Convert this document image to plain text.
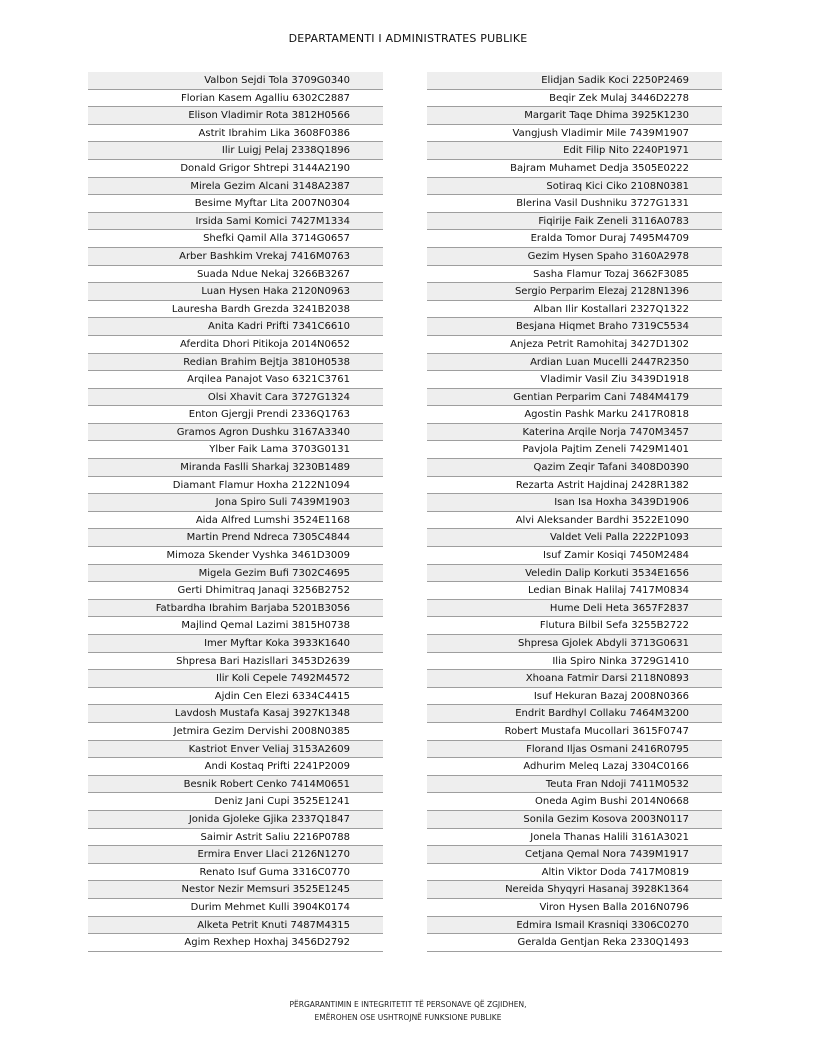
DEPARTAMENTI I ADMINISTRATES PUBLIKE
Valbon Sejdi Tola 3709G0340
Florian Kasem Agalliu 6302C2887
Elison Vladimir Rota 3812H0566
Astrit Ibrahim Lika 3608F0386
Ilir Luigj Pelaj 2338Q1896
Donald Grigor Shtrepi 3144A2190
Mirela Gezim Alcani 3148A2387
Besime Myftar Lita 2007N0304
Irsida Sami Komici 7427M1334
Shefki Qamil Alla 3714G0657
Arber Bashkim Vrekaj 7416M0763
Suada Ndue Nekaj 3266B3267
Luan Hysen Haka 2120N0963
Lauresha Bardh Grezda 3241B2038
Anita Kadri Prifti 7341C6610
Aferdita Dhori Pitikoja 2014N0652
Redian Brahim Bejtja 3810H0538
Arqilea Panajot Vaso 6321C3761
Olsi Xhavit Cara 3727G1324
Enton Gjergji Prendi 2336Q1763
Gramos Agron Dushku 3167A3340
Ylber Faik Lama 3703G0131
Miranda Faslli Sharkaj 3230B1489
Diamant Flamur Hoxha 2122N1094
Jona Spiro Suli 7439M1903
Aida Alfred Lumshi 3524E1168
Martin Prend Ndreca 7305C4844
Mimoza Skender Vyshka 3461D3009
Migela Gezim Bufi 7302C4695
Gerti Dhimitraq Janaqi 3256B2752
Fatbardha Ibrahim Barjaba 5201B3056
Majlind Qemal Lazimi 3815H0738
Imer Myftar Koka 3933K1640
Shpresa Bari Hazisllari 3453D2639
Ilir Koli Cepele 7492M4572
Ajdin Cen Elezi 6334C4415
Lavdosh Mustafa Kasaj 3927K1348
Jetmira Gezim Dervishi 2008N0385
Kastriot Enver Veliaj 3153A2609
Andi Kostaq Prifti 2241P2009
Besnik Robert Cenko 7414M0651
Deniz Jani Cupi 3525E1241
Jonida Gjoleke Gjika 2337Q1847
Saimir Astrit Saliu 2216P0788
Ermira Enver Llaci 2126N1270
Renato Isuf Guma 3316C0770
Nestor Nezir Memsuri 3525E1245
Durim Mehmet Kulli 3904K0174
Alketa Petrit Knuti 7487M4315
Agim Rexhep Hoxhaj 3456D2792
Elidjan Sadik Koci 2250P2469
Beqir Zek Mulaj 3446D2278
Margarit Taqe Dhima 3925K1230
Vangjush Vladimir Mile 7439M1907
Edit Filip Nito 2240P1971
Bajram Muhamet Dedja 3505E0222
Sotiraq Kici Ciko 2108N0381
Blerina Vasil Dushniku 3727G1331
Fiqirije Faik Zeneli 3116A0783
Eralda Tomor Duraj 7495M4709
Gezim Hysen Spaho 3160A2978
Sasha Flamur Tozaj 3662F3085
Sergio Perparim Elezaj 2128N1396
Alban Ilir Kostallari 2327Q1322
Besjana Hiqmet Braho 7319C5534
Anjeza Petrit Ramohitaj 3427D1302
Ardian Luan Mucelli 2447R2350
Vladimir Vasil Ziu 3439D1918
Gentian Perparim Cani 7484M4179
Agostin Pashk Marku 2417R0818
Katerina Arqile Norja 7470M3457
Pavjola Pajtim Zeneli 7429M1401
Qazim Zeqir Tafani 3408D0390
Rezarta Astrit Hajdinaj 2428R1382
Isan Isa Hoxha 3439D1906
Alvi Aleksander Bardhi 3522E1090
Valdet Veli Palla 2222P1093
Isuf Zamir Kosiqi 7450M2484
Veledin Dalip Korkuti 3534E1656
Ledian Binak Halilaj 7417M0834
Hume Deli Heta 3657F2837
Flutura Bilbil Sefa 3255B2722
Shpresa Gjolek Abdyli 3713G0631
Ilia Spiro Ninka 3729G1410
Xhoana Fatmir Darsi 2118N0893
Isuf Hekuran Bazaj 2008N0366
Endrit Bardhyl Collaku 7464M3200
Robert Mustafa Mucollari 3615F0747
Florand Iljas Osmani 2416R0795
Adhurim Meleq Lazaj 3304C0166
Teuta Fran Ndoji 7411M0532
Oneda Agim Bushi 2014N0668
Sonila Gezim Kosova 2003N0117
Jonela Thanas Halili 3161A3021
Cetjana Qemal Nora 7439M1917
Altin Viktor Doda 7417M0819
Nereida Shyqyri Hasanaj 3928K1364
Viron Hysen Balla 2016N0796
Edmira Ismail Krasniqi 3306C0270
Geralda Gentjan Reka 2330Q1493
PËRGARANTIMIN E INTEGRITETIT TË PERSONAVE QË ZGJIDHEN,
EMËROHEN OSE USHTROJNË FUNKSIONE PUBLIKE
